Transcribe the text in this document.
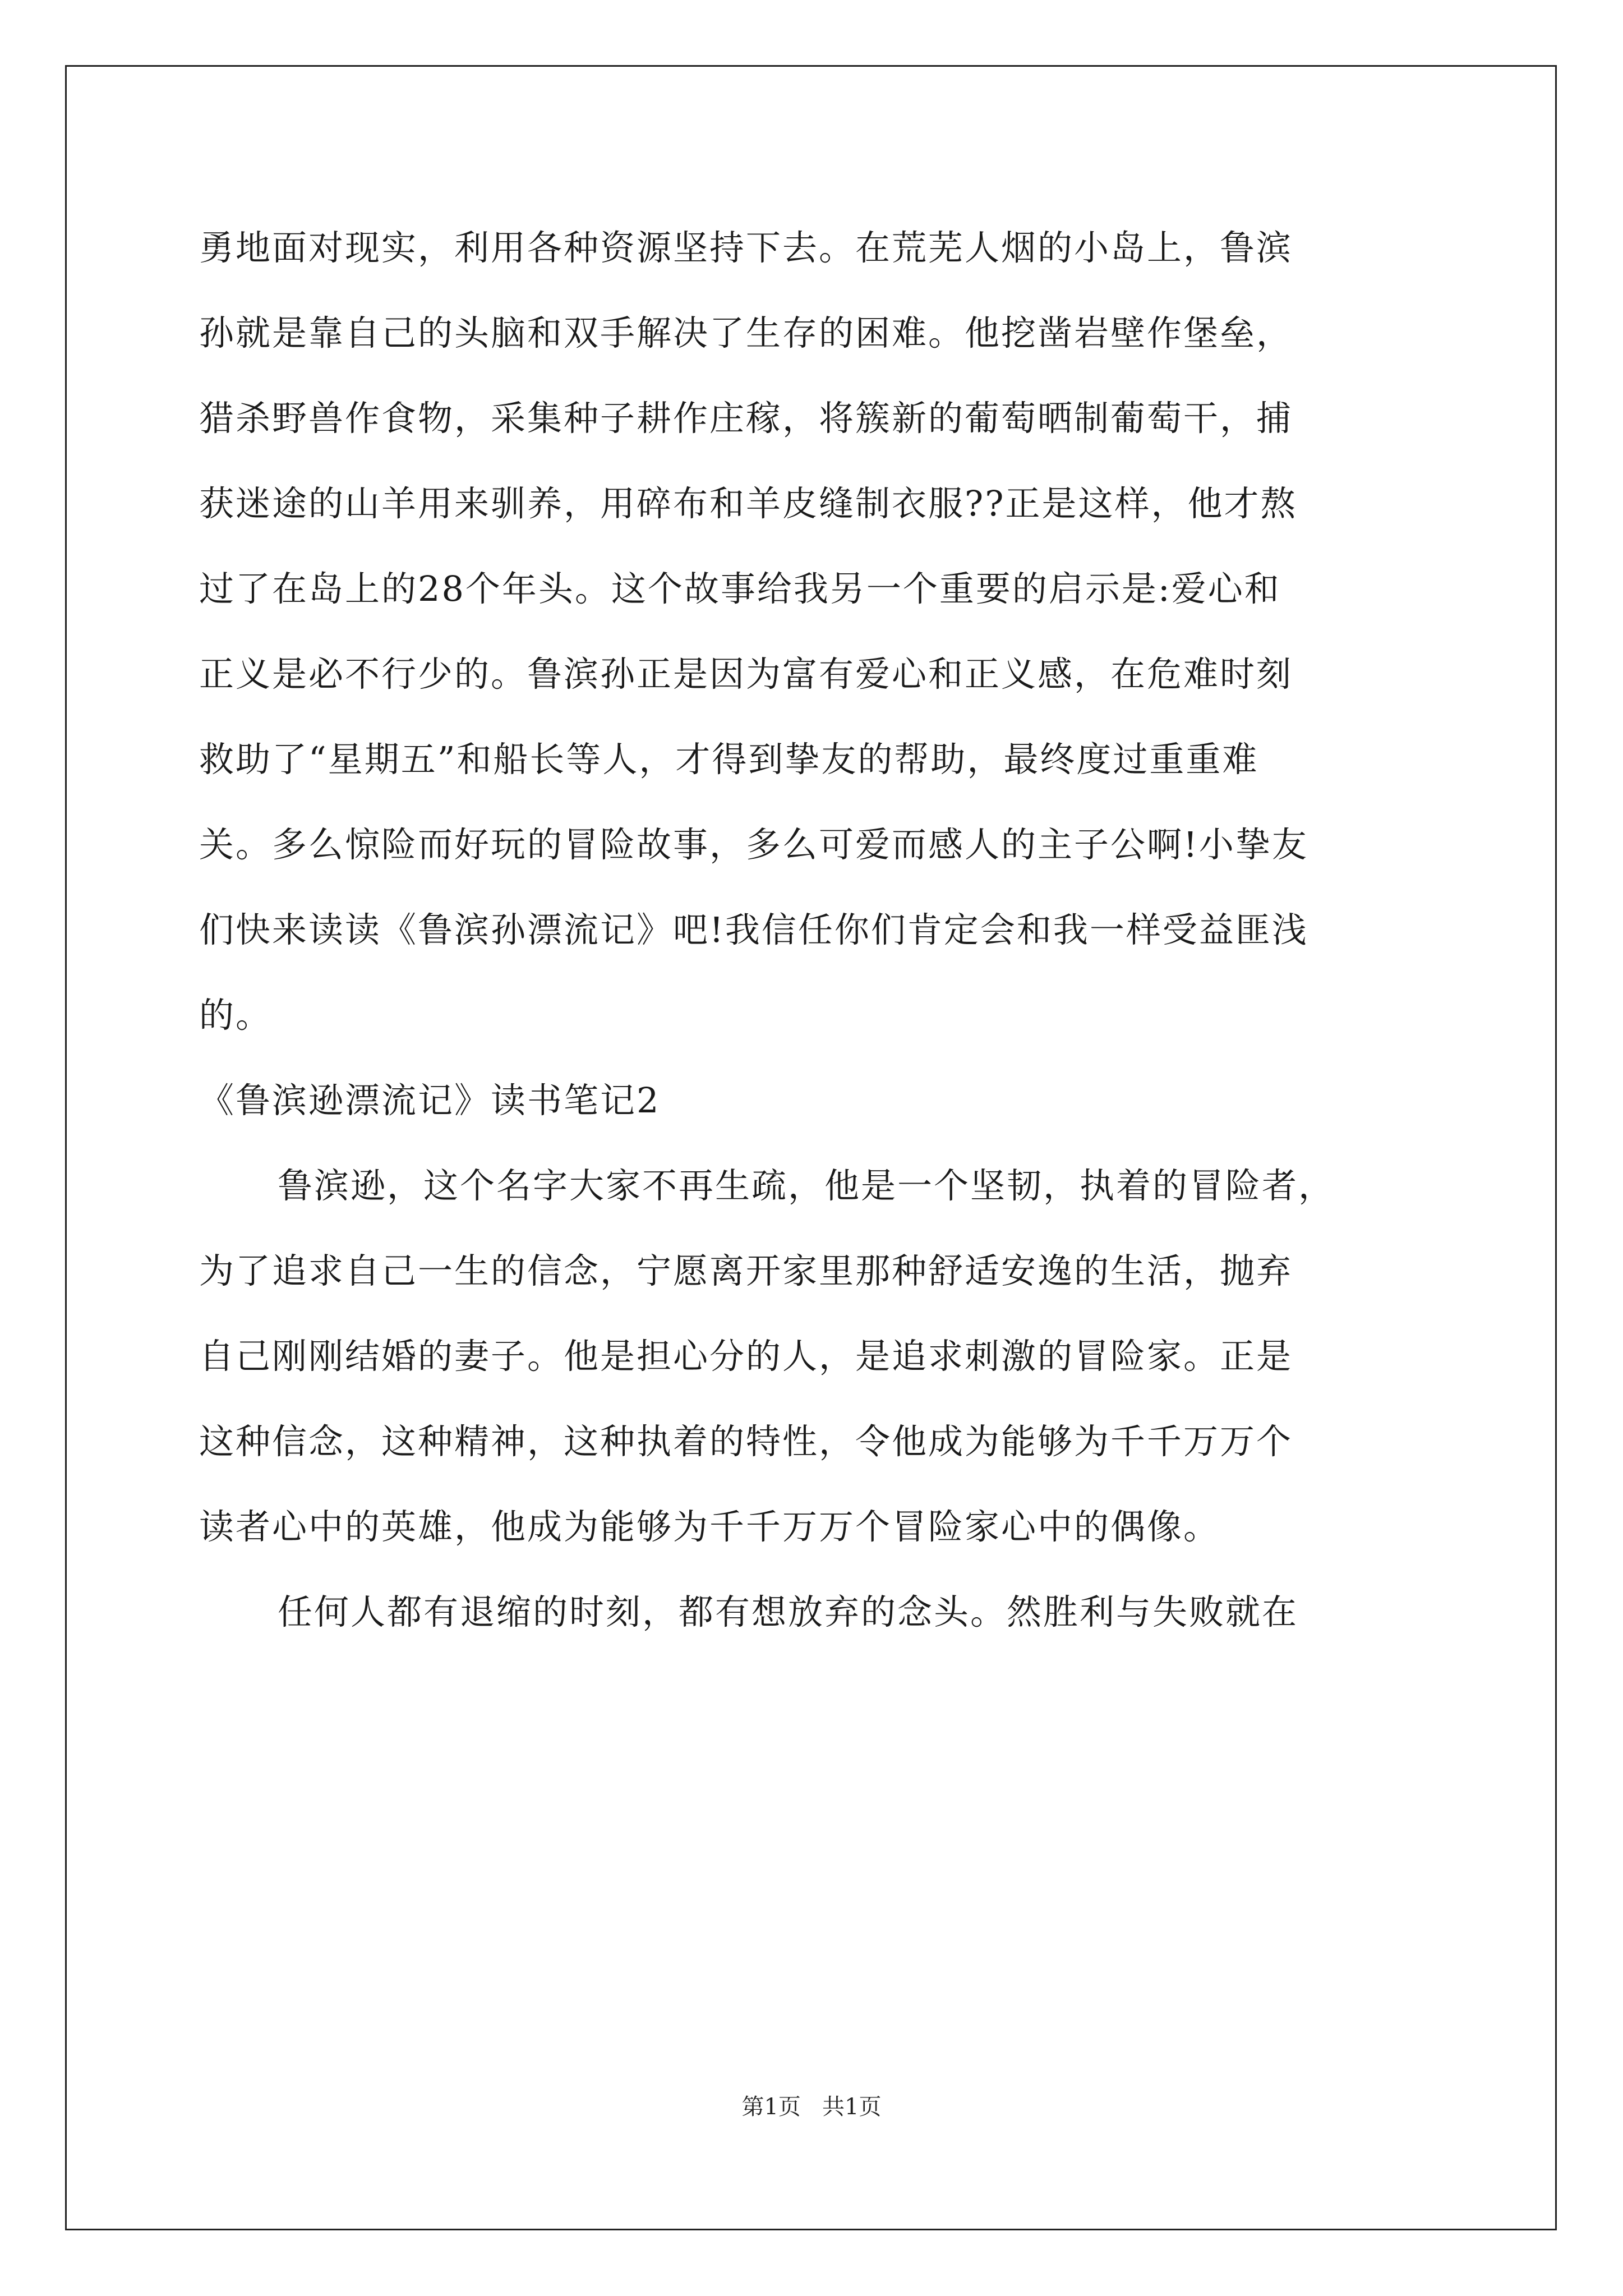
勇地面对现实，利用各种资源坚持下去。在荒芜人烟的小岛上，鲁滨
孙就是靠自己的头脑和双手解决了生存的困难。他挖凿岩壁作堡垒，
猎杀野兽作食物，采集种子耕作庄稼，将簇新的葡萄晒制葡萄干，捕
获迷途的山羊用来驯养，用碎布和羊皮缝制衣服??正是这样，他才熬
过了在岛上的28个年头。这个故事给我另一个重要的启示是:爱心和
正义是必不行少的。鲁滨孙正是因为富有爱心和正义感，在危难时刻
救助了“星期五”和船长等人，才得到挚友的帮助，最终度过重重难
关。多么惊险而好玩的冒险故事，多么可爱而感人的主子公啊!小挚友
们快来读读《鲁滨孙漂流记》吧!我信任你们肯定会和我一样受益匪浅
的。
《鲁滨逊漂流记》读书笔记2
鲁滨逊，这个名字大家不再生疏，他是一个坚韧，执着的冒险者，
为了追求自己一生的信念，宁愿离开家里那种舒适安逸的生活，抛弃
自己刚刚结婚的妻子。他是担心分的人，是追求刺激的冒险家。正是
这种信念，这种精神，这种执着的特性，令他成为能够为千千万万个
读者心中的英雄，他成为能够为千千万万个冒险家心中的偶像。
任何人都有退缩的时刻，都有想放弃的念头。然胜利与失败就在
第1页   共1页
